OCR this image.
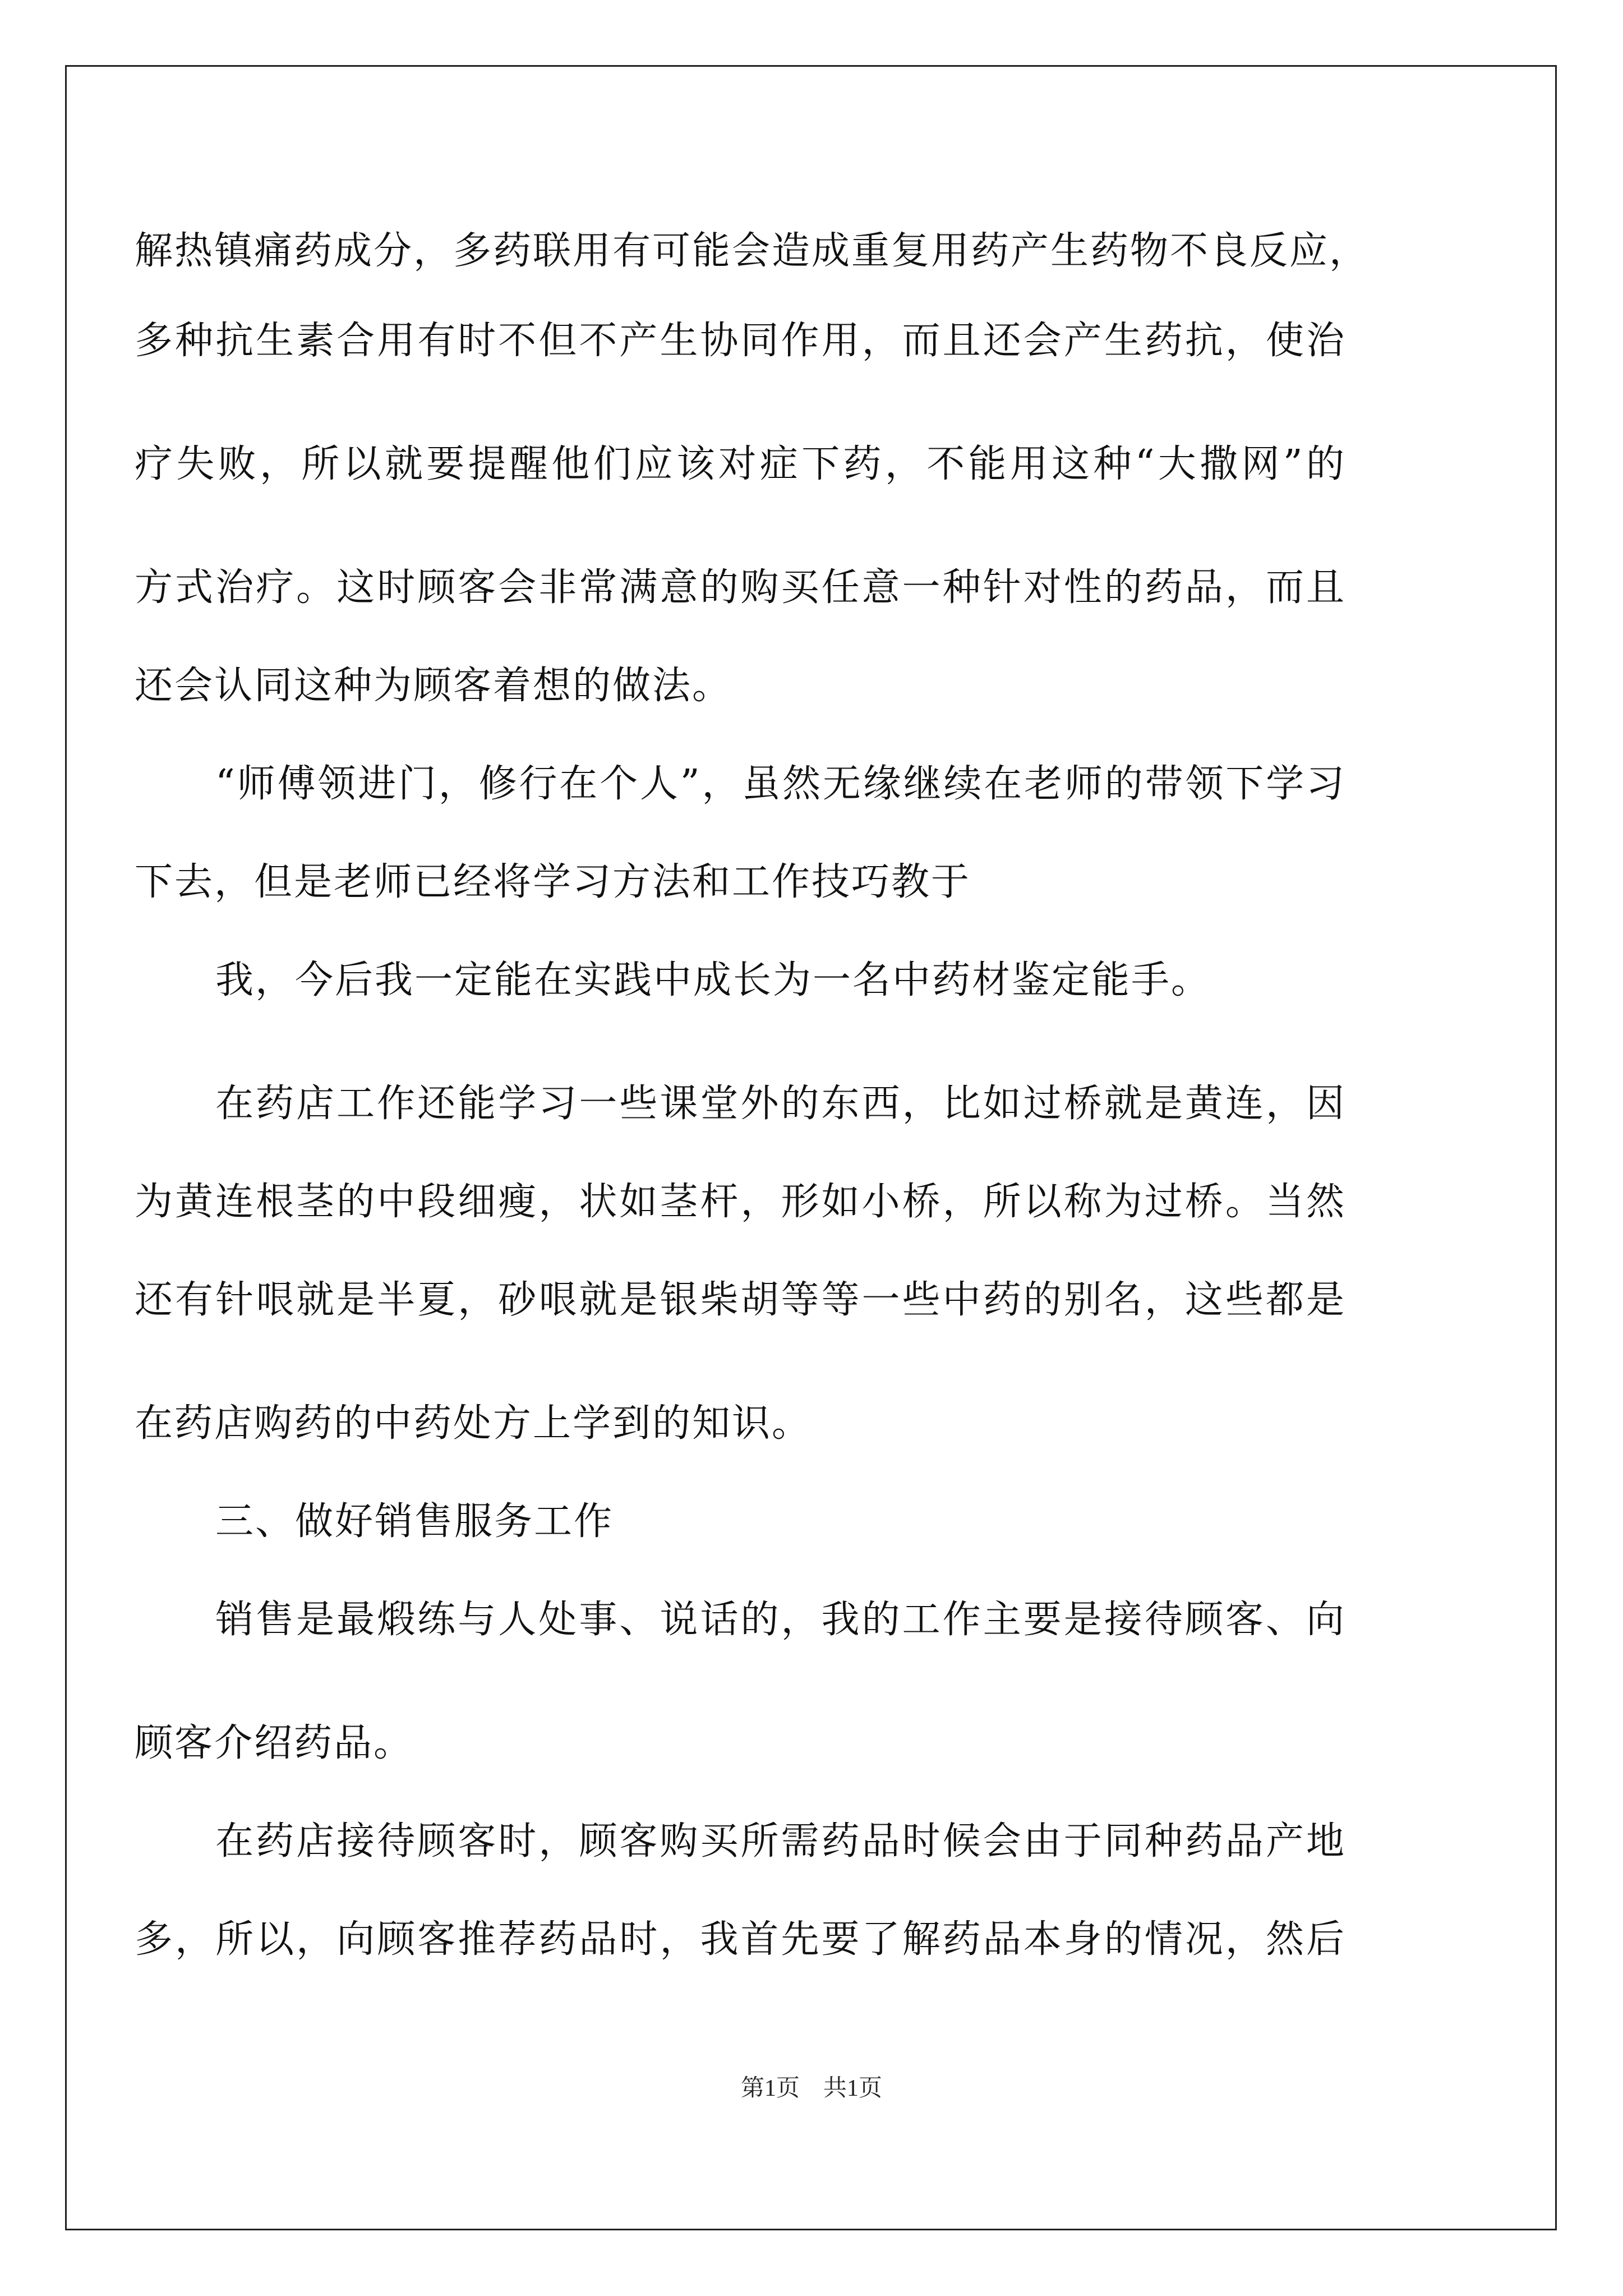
解热镇痛药成分，多药联用有可能会造成重复用药产生药物不良反应，
多种抗生素合用有时不但不产生协同作用，而且还会产生药抗，使治
疗失败，所以就要提醒他们应该对症下药，不能用这种“大撒网”的
方式治疗。这时顾客会非常满意的购买任意一种针对性的药品，而且
还会认同这种为顾客着想的做法。
“师傅领进门，修行在个人”，虽然无缘继续在老师的带领下学习
下去，但是老师已经将学习方法和工作技巧教于
我，今后我一定能在实践中成长为一名中药材鉴定能手。
在药店工作还能学习一些课堂外的东西，比如过桥就是黄连，因
为黄连根茎的中段细瘦，状如茎杆，形如小桥，所以称为过桥。当然
还有针哏就是半夏，砂哏就是银柴胡等等一些中药的别名，这些都是
在药店购药的中药处方上学到的知识。
三、做好销售服务工作
销售是最煅练与人处事、说话的，我的工作主要是接待顾客、向
顾客介绍药品。
在药店接待顾客时，顾客购买所需药品时候会由于同种药品产地
多，所以，向顾客推荐药品时，我首先要了解药品本身的情况，然后
第1页　共1页
